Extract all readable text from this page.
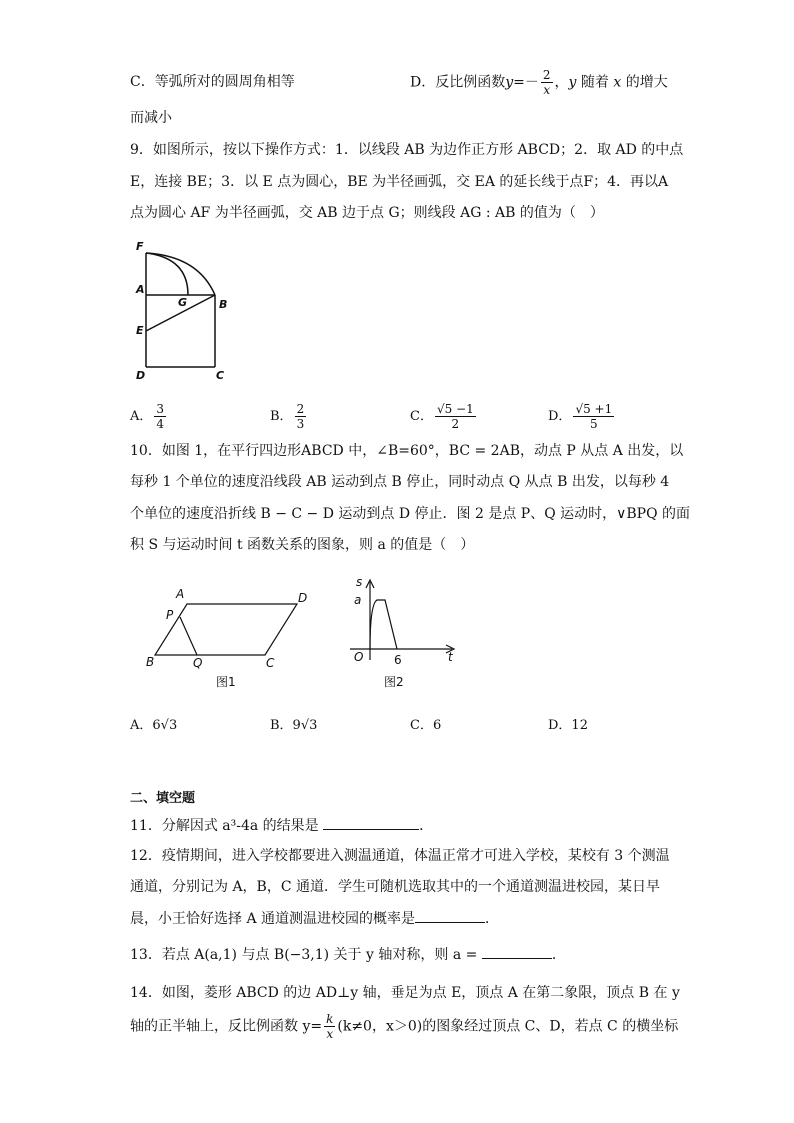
C．等弧所对的圆周角相等	D．反比例函数$y=- \frac{2}{x}$ ，y 随着 x 的增大
而减小
9．如图所示，按以下操作方式：1．以线段 AB 为边作正方形 ABCD；2．取 AD 的中点
E，连接 BE；3．以 E 点为圆心，BE 为半径画弧，交 EA 的延长线于点F；4．再以A
点为圆心 AF 为半径画弧，交 AB 边于点 G；则线段 AG : AB 的值为（　）
F
A
G	B
E
D	C
A． $\frac{3}{4}$	B． $\frac{2}{3}$	C． $\frac{√5 -1}{2}$	D． $\frac{√5 +1}{5}$
10．如图 1，在平行四边形ABCD 中，∠B=60°，BC = 2AB，动点 P 从点 A 出发，以
每秒 1 个单位的速度沿线段 AB 运动到点 B 停止，同时动点 Q 从点 B 出发，以每秒 4
个单位的速度沿折线 B − C − D 运动到点 D 停止．图 2 是点 P、Q 运动时，∨BPQ 的面
积 S 与运动时间 t 函数关系的图象，则 a 的值是（　）
A	D
P
B	Q	C
图1
s
a
O	t
6
图2
A．6√3	B．9√3	C．6	D．12
二、填空题
11．分解因式 a³-4a 的结果是	．
12．疫情期间，进入学校都要进入测温通道，体温正常才可进入学校，某校有 3 个测温
通道，分别记为 A，B，C 通道．学生可随机选取其中的一个通道测温进校园，某日早
晨，小王恰好选择 A 通道测温进校园的概率是	．
13．若点 A(a,1) 与点 B(−3,1) 关于 y 轴对称，则 a =	．
14．如图，菱形 ABCD 的边 AD⊥y 轴，垂足为点 E，顶点 A 在第二象限，顶点 B 在 y
轴的正半轴上，反比例函数 $y= \frac{k}{x} (k\ne 0$，x＞0)的图象经过顶点 C、D，若点 C 的横坐标
